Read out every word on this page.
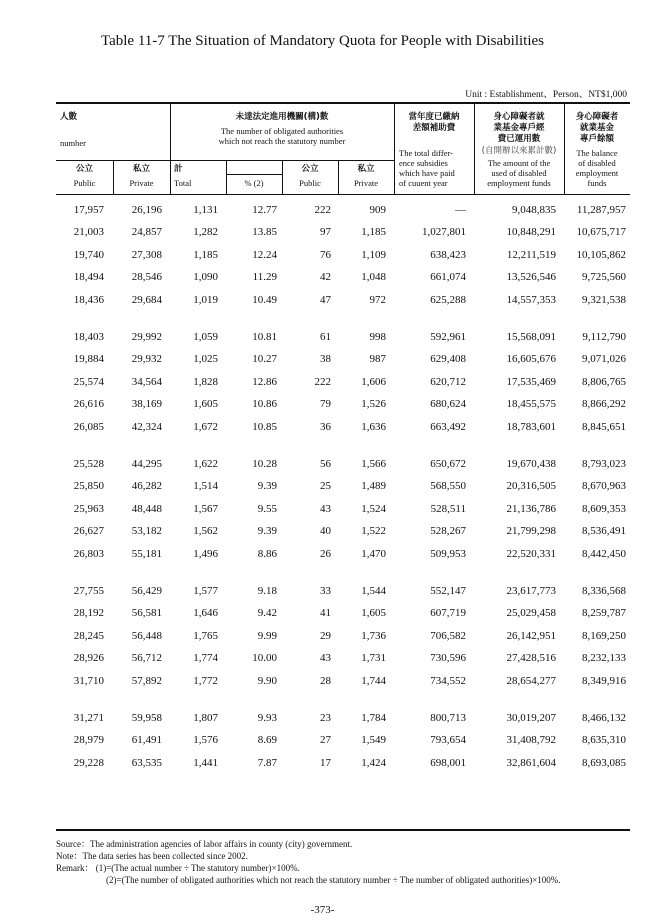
Table 11-7 The Situation of Mandatory Quota for People with Disabilities
Unit : Establishment、Person、NT$1,000
人數
number
未達法定進用機關(構)數
The number of obligated authorities
which not reach the statutory number
當年度已繳納
差額補助費
The total differ-
ence subsidies
which have paid
of cuuent year
身心障礙者就
業基金專戶經
費已運用數
(自開辦以來累計數)
The amount of the
used of disabled
employment funds
身心障礙者
就業基金
專戶餘額
The balance
of disabled
employment
funds
公立
Public
私立
Private
計
Total	% (2)
公立
Public
私立
Private
17,957	26,196	1,131	12.77	222	909	—	9,048,835 11,287,957
21,003	24,857	1,282	13.85	97	1,185	1,027,801	10,848,291 10,675,717
19,740	27,308	1,185	12.24	76	1,109	638,423	12,211,519 10,105,862
18,494	28,546	1,090	11.29	42	1,048	661,074	13,526,546 9,725,560
18,436	29,684	1,019	10.49	47	972	625,288	14,557,353 9,321,538
18,403	29,992	1,059	10.81	61	998	592,961	15,568,091 9,112,790
19,884	29,932	1,025	10.27	38	987	629,408	16,605,676 9,071,026
25,574	34,564	1,828	12.86	222	1,606	620,712	17,535,469 8,806,765
26,616	38,169	1,605	10.86	79	1,526	680,624	18,455,575 8,866,292
26,085	42,324	1,672	10.85	36	1,636	663,492	18,783,601 8,845,651
25,528	44,295	1,622	10.28	56	1,566	650,672	19,670,438 8,793,023
25,850	46,282	1,514	9.39	25	1,489	568,550	20,316,505 8,670,963
25,963	48,448	1,567	9.55	43	1,524	528,511	21,136,786 8,609,353
26,627	53,182	1,562	9.39	40	1,522	528,267	21,799,298 8,536,491
26,803	55,181	1,496	8.86	26	1,470	509,953	22,520,331 8,442,450
27,755	56,429	1,577	9.18	33	1,544	552,147	23,617,773 8,336,568
28,192	56,581	1,646	9.42	41	1,605	607,719	25,029,458 8,259,787
28,245	56,448	1,765	9.99	29	1,736	706,582	26,142,951 8,169,250
28,926	56,712	1,774	10.00	43	1,731	730,596	27,428,516 8,232,133
31,710	57,892	1,772	9.90	28	1,744	734,552	28,654,277 8,349,916
31,271	59,958	1,807	9.93	23	1,784	800,713	30,019,207 8,466,132
28,979	61,491	1,576	8.69	27	1,549	793,654	31,408,792 8,635,310
29,228	63,535	1,441	7.87	17	1,424	698,001	32,861,604 8,693,085
Source：The administration agencies of labor affairs in county (city) government.
Note：The data series has been collected since 2002.
Remark： (1)=(The actual number ÷ The statutory number)×100%.
(2)=(The number of obligated authorities which not reach the statutory number ÷ The number of obligated authorities)×100%.
-373-
